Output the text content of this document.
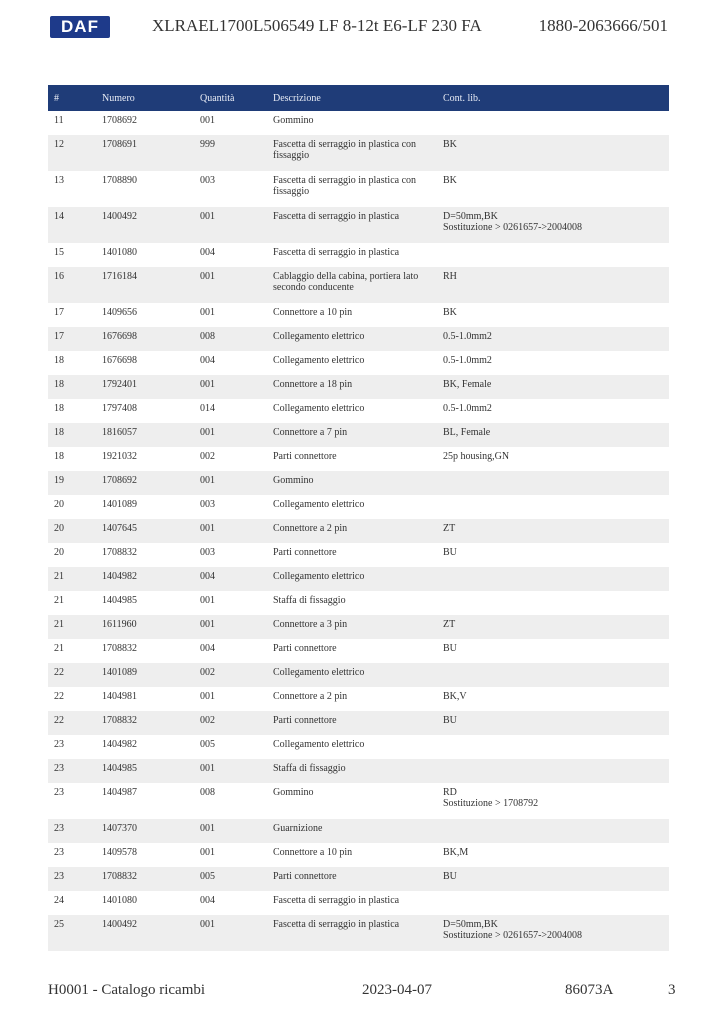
DAF	XLRAEL1700L506549 LF 8-12t E6-LF 230 FA	1880-2063666/501
#	Numero	Quantità	Descrizione	Cont. lib.
11	1708692	001	Gommino	
12	1708691	999	Fascetta di serraggio in plastica con fissaggio	BK
13	1708890	003	Fascetta di serraggio in plastica con fissaggio	BK
14	1400492	001	Fascetta di serraggio in plastica	D=50mm,BK
Sostituzione > 0261657->2004008
15	1401080	004	Fascetta di serraggio in plastica	
16	1716184	001	Cablaggio della cabina, portiera lato secondo conducente	RH
17	1409656	001	Connettore a 10 pin	BK
17	1676698	008	Collegamento elettrico	0.5-1.0mm2
18	1676698	004	Collegamento elettrico	0.5-1.0mm2
18	1792401	001	Connettore a 18 pin	BK, Female
18	1797408	014	Collegamento elettrico	0.5-1.0mm2
18	1816057	001	Connettore a 7 pin	BL, Female
18	1921032	002	Parti connettore	25p housing,GN
19	1708692	001	Gommino	
20	1401089	003	Collegamento elettrico	
20	1407645	001	Connettore a 2 pin	ZT
20	1708832	003	Parti connettore	BU
21	1404982	004	Collegamento elettrico	
21	1404985	001	Staffa di fissaggio	
21	1611960	001	Connettore a 3 pin	ZT
21	1708832	004	Parti connettore	BU
22	1401089	002	Collegamento elettrico	
22	1404981	001	Connettore a 2 pin	BK,V
22	1708832	002	Parti connettore	BU
23	1404982	005	Collegamento elettrico	
23	1404985	001	Staffa di fissaggio	
23	1404987	008	Gommino	RD
Sostituzione > 1708792
23	1407370	001	Guarnizione	
23	1409578	001	Connettore a 10 pin	BK,M
23	1708832	005	Parti connettore	BU
24	1401080	004	Fascetta di serraggio in plastica	
25	1400492	001	Fascetta di serraggio in plastica	D=50mm,BK
Sostituzione > 0261657->2004008
H0001 - Catalogo ricambi	2023-04-07	86073A	3
